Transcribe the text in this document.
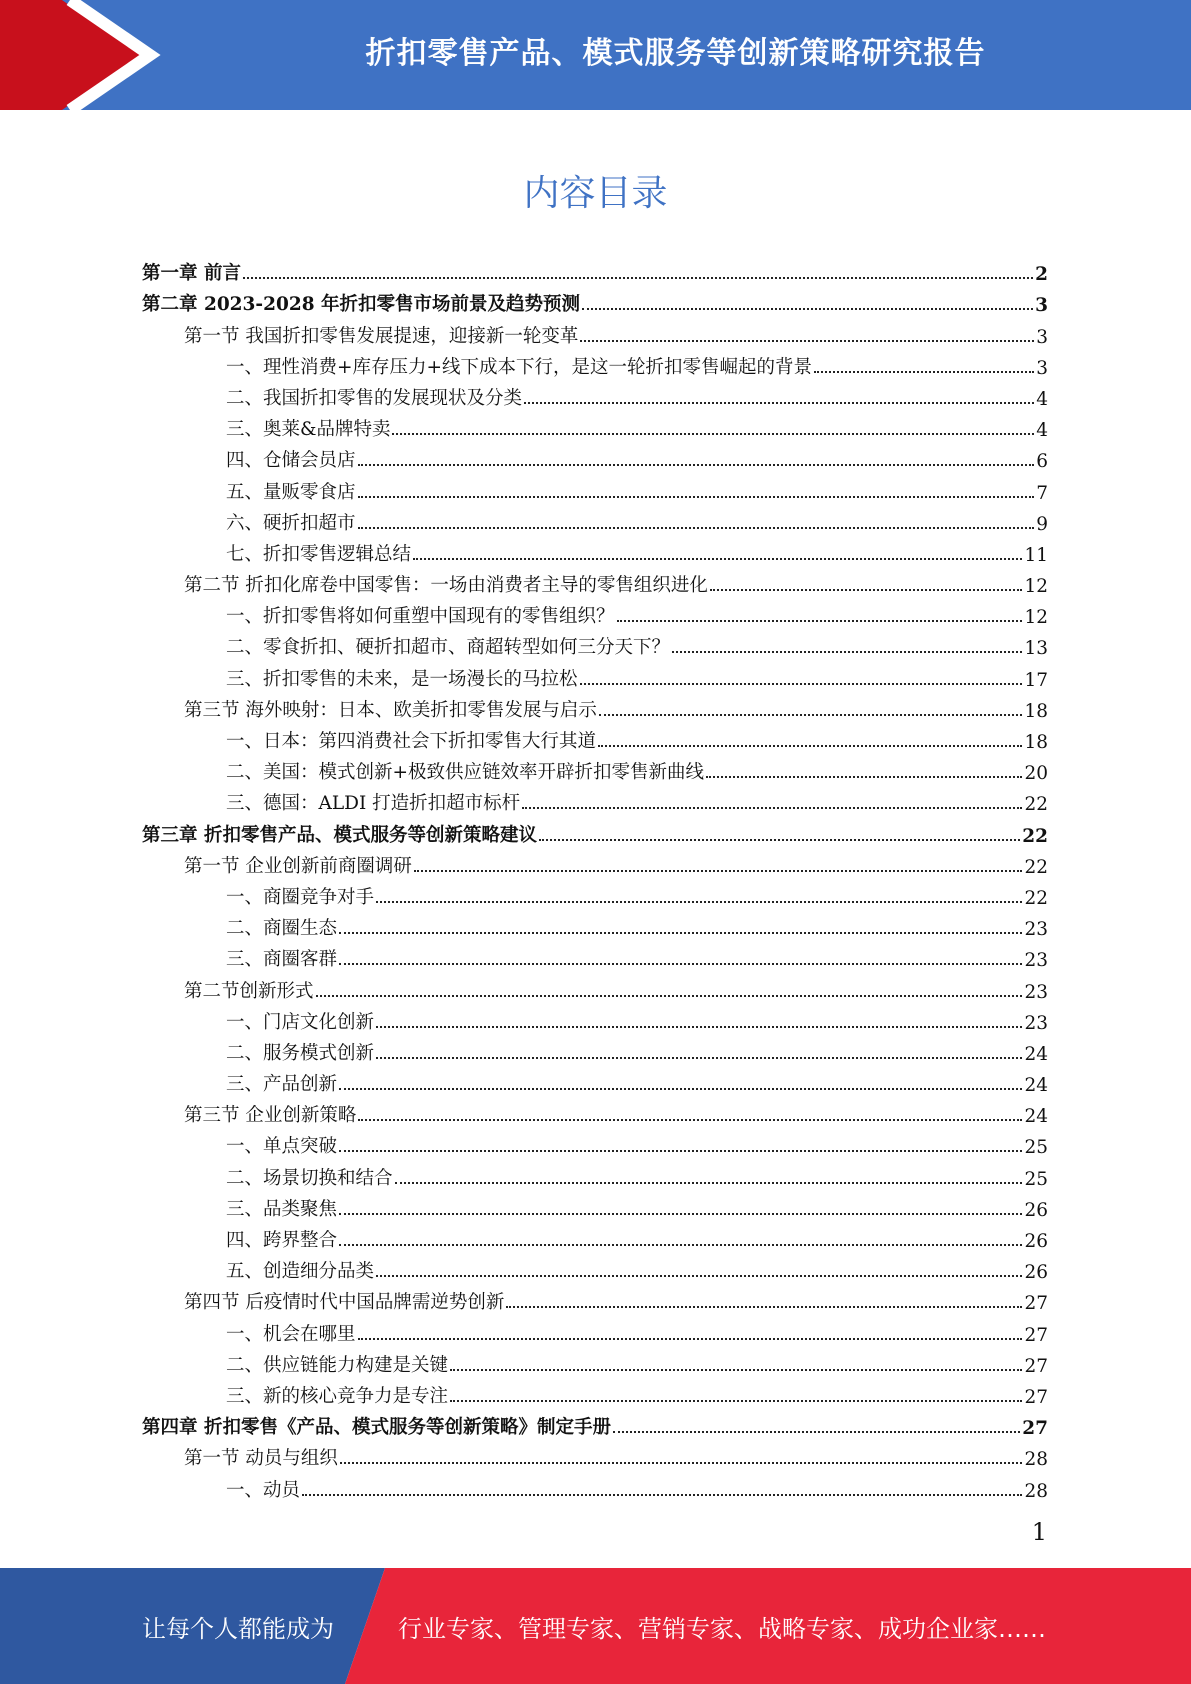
折扣零售产品、模式服务等创新策略研究报告
内容目录
第一章 前言	2
第二章 2023-2028 年折扣零售市场前景及趋势预测	3
第一节 我国折扣零售发展提速，迎接新一轮变革	3
一、理性消费+库存压力+线下成本下行，是这一轮折扣零售崛起的背景	3
二、我国折扣零售的发展现状及分类	4
三、奥莱&品牌特卖	4
四、仓储会员店	6
五、量贩零食店	7
六、硬折扣超市	9
七、折扣零售逻辑总结	11
第二节 折扣化席卷中国零售：一场由消费者主导的零售组织进化	12
一、折扣零售将如何重塑中国现有的零售组织？	12
二、零食折扣、硬折扣超市、商超转型如何三分天下？	13
三、折扣零售的未来，是一场漫长的马拉松	17
第三节 海外映射：日本、欧美折扣零售发展与启示	18
一、日本：第四消费社会下折扣零售大行其道	18
二、美国：模式创新+极致供应链效率开辟折扣零售新曲线	20
三、德国：ALDI 打造折扣超市标杆	22
第三章 折扣零售产品、模式服务等创新策略建议	22
第一节 企业创新前商圈调研	22
一、商圈竞争对手	22
二、商圈生态	23
三、商圈客群	23
第二节创新形式	23
一、门店文化创新	23
二、服务模式创新	24
三、产品创新	24
第三节 企业创新策略	24
一、单点突破	25
二、场景切换和结合	25
三、品类聚焦	26
四、跨界整合	26
五、创造细分品类	26
第四节 后疫情时代中国品牌需逆势创新	27
一、机会在哪里	27
二、供应链能力构建是关键	27
三、新的核心竞争力是专注	27
第四章 折扣零售《产品、模式服务等创新策略》制定手册	27
第一节 动员与组织	28
一、动员	28
1
让每个人都能成为	行业专家、管理专家、营销专家、战略专家、成功企业家……
